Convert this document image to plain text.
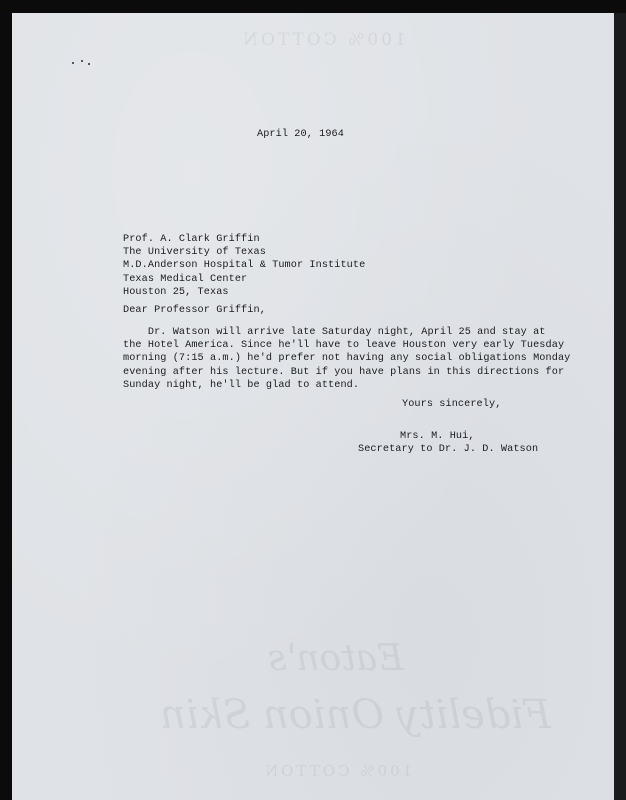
April 20, 1964
Prof. A. Clark Griffin
The University of Texas
M.D.Anderson Hospital & Tumor Institute
Texas Medical Center
Houston 25, Texas
Dear Professor Griffin,
Dr. Watson will arrive late Saturday night, April 25 and stay at
the Hotel America. Since he'll have to leave Houston very early Tuesday
morning (7:15 a.m.) he'd prefer not having any social obligations Monday
evening after his lecture. But if you have plans in this directions for
Sunday night, he'll be glad to attend.
Yours sincerely,
Mrs. M. Hui,
Secretary to Dr. J. D. Watson
